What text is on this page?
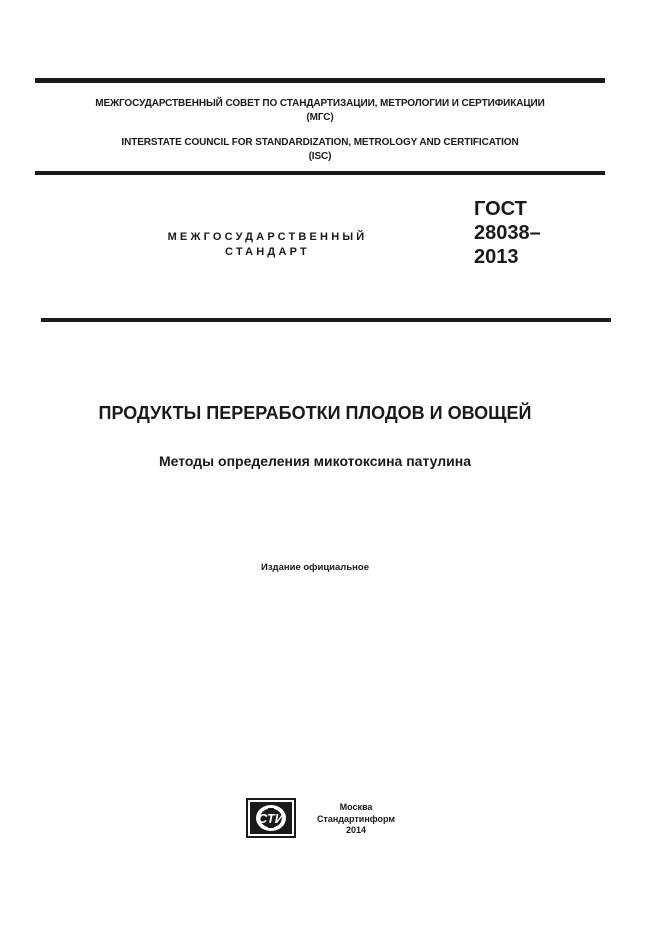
МЕЖГОСУДАРСТВЕННЫЙ СОВЕТ ПО СТАНДАРТИЗАЦИИ, МЕТРОЛОГИИ И СЕРТИФИКАЦИИ
(МГС)
INTERSTATE COUNCIL FOR STANDARDIZATION, METROLOGY AND CERTIFICATION
(ISC)
МЕЖГОСУДАРСТВЕННЫЙ
СТАНДАРТ
ГОСТ
28038–
2013
ПРОДУКТЫ ПЕРЕРАБОТКИ ПЛОДОВ И ОВОЩЕЙ
Методы определения микотоксина патулина
Издание официальное
СТИ
Москва
Стандартинформ
2014
